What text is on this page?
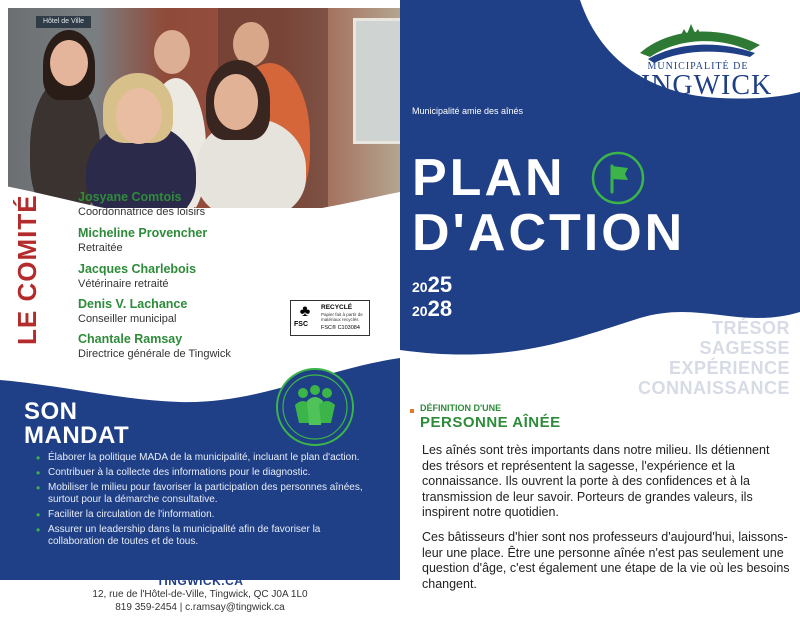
Hôtel de Ville
LE COMITÉ	Josyane Comtois
Coordonnatrice des loisirs
Micheline Provencher
Retraitée
Jacques Charlebois
Vétérinaire retraité
Denis V. Lachance
Conseiller municipal
Chantale Ramsay
Directrice générale de Tingwick
♣
FSC
RECYCLÉ
Papier fait à partir de matériaux recyclés
FSC® C103084
SON
MANDAT
• Élaborer la politique MADA de la municipalité, incluant le plan d'action.
• Contribuer à la collecte des informations pour le diagnostic.
• Mobiliser le milieu pour favoriser la participation des personnes aînées, surtout pour la démarche consultative.
• Faciliter la circulation de l'information.
• Assurer un leadership dans la municipalité afin de favoriser la collaboration de toutes et de tous.
TINGWICK.CA
12, rue de l'Hôtel-de-Ville, Tingwick, QC J0A 1L0
819 359-2454 | c.ramsay@tingwick.ca
MUNICIPALITÉ DE
TINGWICK
Municipalité amie des aînés
PLAN
D'ACTION
2025
2028
TRÉSOR
SAGESSE
EXPÉRIENCE
CONNAISSANCE
DÉFINITION D'UNE
PERSONNE AÎNÉE
Les aînés sont très importants dans notre milieu. Ils détiennent des trésors et représentent la sagesse, l'expérience et la connaissance. Ils ouvrent la porte à des confidences et à la transmission de leur savoir. Porteurs de grandes valeurs, ils inspirent notre quotidien.
Ces bâtisseurs d'hier sont nos professeurs d'aujourd'hui, laissons-leur une place. Être une personne aînée n'est pas seulement une question d'âge, c'est également une étape de la vie où les besoins changent.
